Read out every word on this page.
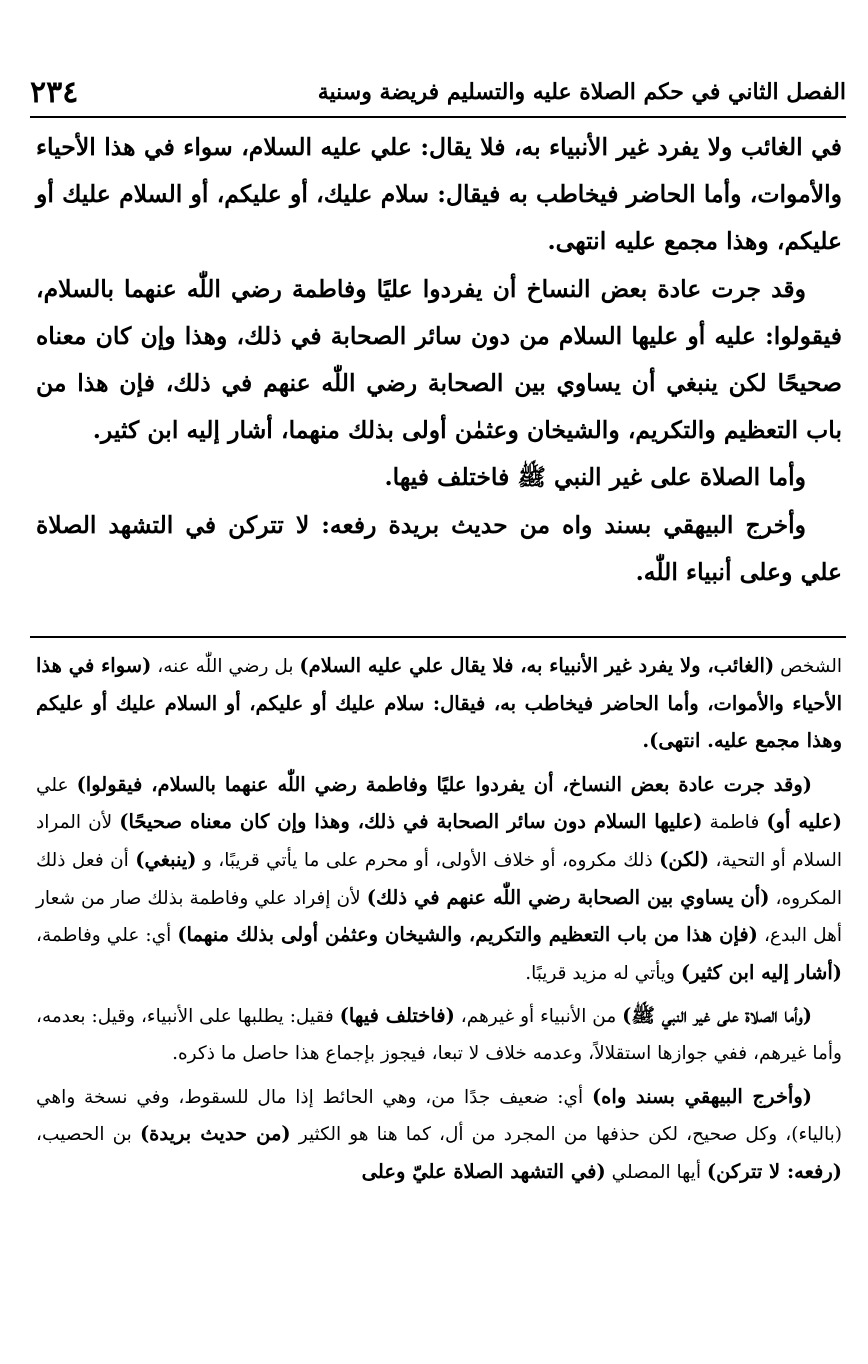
الفصل الثاني في حكم الصلاة عليه والتسليم فريضة وسنية
٢٣٤

في الغائب ولا يفرد غير الأنبياء به، فلا يقال: علي عليه السلام، سواء في هذا الأحياء والأموات، وأما الحاضر فيخاطب به فيقال: سلام عليك، أو عليكم، أو السلام عليك أو عليكم، وهذا مجمع عليه انتهى.

وقد جرت عادة بعض النساخ أن يفردوا عليًا وفاطمة رضي اللّٰه عنهما بالسلام، فيقولوا: عليه أو عليها السلام من دون سائر الصحابة في ذلك، وهذا وإن كان معناه صحيحًا لكن ينبغي أن يساوي بين الصحابة رضي اللّٰه عنهم في ذلك، فإن هذا من باب التعظيم والتكريم، والشيخان وعثمٰن أولى بذلك منهما، أشار إليه ابن كثير.

وأما الصلاة على غير النبي ﷺ فاختلف فيها.

وأخرج البيهقي بسند واه من حديث بريدة رفعه: لا تتركن في التشهد الصلاة علي وعلى أنبياء اللّٰه.

الشخص (الغائب، ولا يفرد غير الأنبياء به، فلا يقال علي عليه السلام) بل رضي اللّٰه عنه، (سواء في هذا الأحياء والأموات، وأما الحاضر فيخاطب به، فيقال: سلام عليك أو عليكم، أو السلام عليك أو عليكم وهذا مجمع عليه. انتهى).

(وقد جرت عادة بعض النساخ، أن يفردوا عليًا وفاطمة رضي اللّٰه عنهما بالسلام، فيقولوا) علي (عليه أو) فاطمة (عليها السلام دون سائر الصحابة في ذلك، وهذا وإن كان معناه صحيحًا) لأن المراد السلام أو التحية، (لكن) ذلك مكروه، أو خلاف الأولى، أو محرم على ما يأتي قريبًا، و (ينبغي) أن فعل ذلك المكروه، (أن يساوي بين الصحابة رضي اللّٰه عنهم في ذلك) لأن إفراد علي وفاطمة بذلك صار من شعار أهل البدع، (فإن هذا من باب التعظيم والتكريم، والشيخان وعثمٰن أولى بذلك منهما) أي: علي وفاطمة، (أشار إليه ابن كثير) ويأتي له مزيد قريبًا.

(وأما الصلاة على غير النبي ﷺ) من الأنبياء أو غيرهم، (فاختلف فيها) فقيل: يطلبها على الأنبياء، وقيل: بعدمه، وأما غيرهم، ففي جوازها استقلالاً، وعدمه خلاف لا تبعا، فيجوز بإجماع هذا حاصل ما ذكره.

(وأخرج البيهقي بسند واه) أي: ضعيف جدًا من، وهي الحائط إذا مال للسقوط، وفي نسخة واهي (بالياء)، وكل صحيح، لكن حذفها من المجرد من أل، كما هنا هو الكثير (من حديث بريدة) بن الحصيب، (رفعه: لا تتركن) أيها المصلي (في التشهد الصلاة عليّ وعلى
